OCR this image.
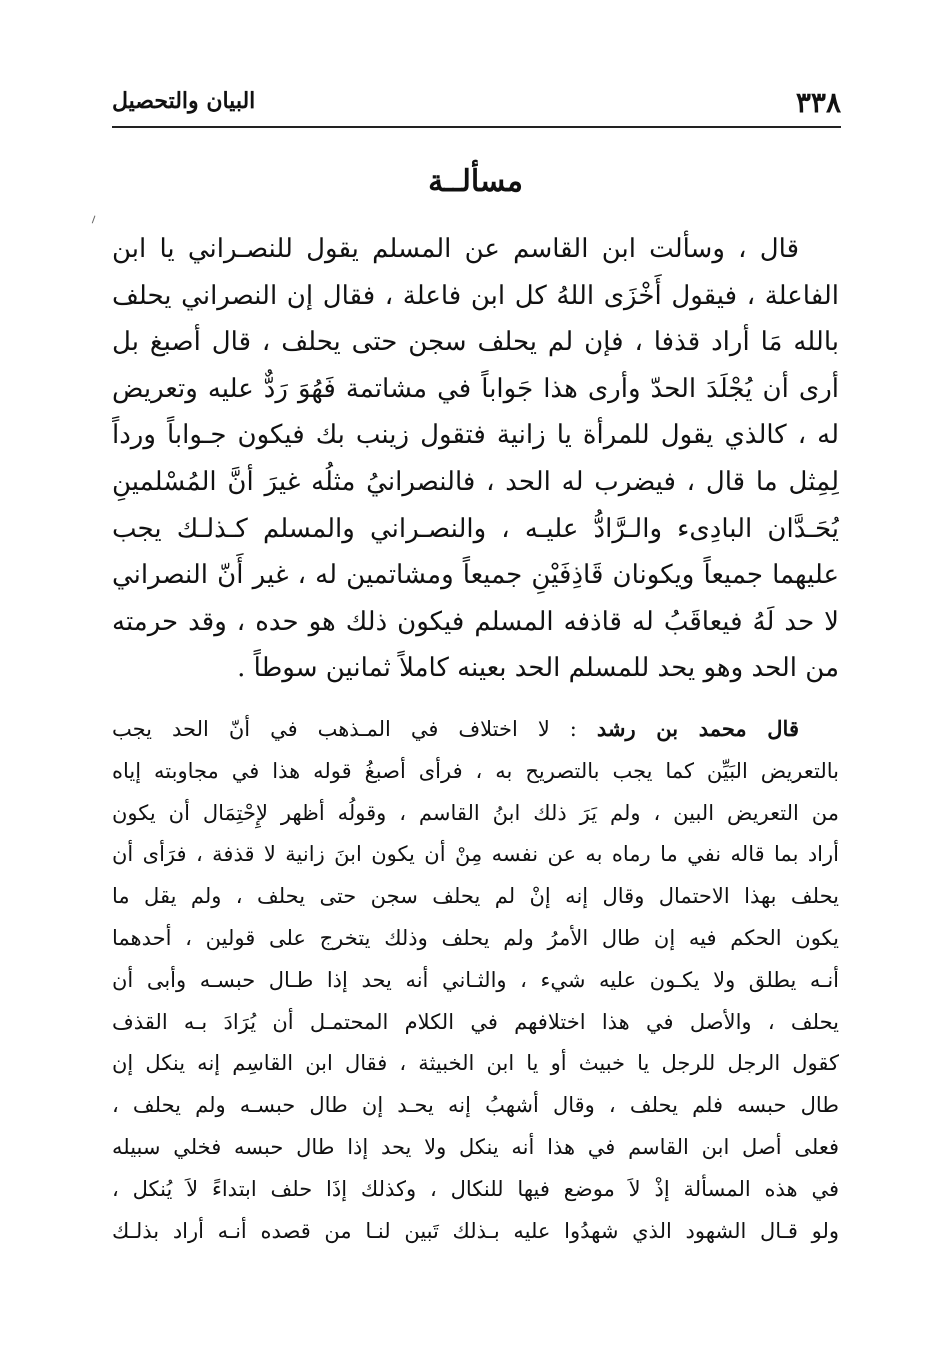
٣٣٨
البيان والتحصيل
مسألــة
قال ، وسألت ابن القاسم عن المسلم يقول للنصـراني يا ابن
الفاعلة ، فيقول أَخْزَى اللهُ كل ابن فاعلة ، فقال إن النصراني يحلف
بالله مَا أراد قذفا ، فإن لم يحلف سجن حتى يحلف ، قال أصبغ بل
أرى أن يُجْلَدَ الحدّ وأرى هذا جَواباً في مشاتمة فَهُوَ رَدٌّ عليه وتعريض
له ، كالذي يقول للمرأة يا زانية فتقول زينب بك فيكون جـواباً ورداً
لِمِثل ما قال ، فيضرب له الحد ، فالنصرانيُ مثلُه غيرَ أنَّ المُسْلمينِ
يُحَـدَّان البادِىء والـرَّادُّ عليـه ، والنصـراني والمسلم كـذلـك يجب
عليهما جميعاً ويكونان قَاذِفَيْنِ جميعاً ومشاتمين له ، غير أَنّ النصراني
لا حد لَهُ فيعاقَبُ له قاذفه المسلم فيكون ذلك هو حده ، وقد حرمته
من الحد وهو يحد للمسلم الحد بعينه كاملاً ثمانين سوطاً .
قال محمد بن رشد : لا اختلاف في المـذهب في أنّ الحد يجب
بالتعريض البَيِّن كما يجب بالتصريح به ، فرأى أصبغُ قوله هذا في مجاوبته إياه
من التعريض البين ، ولم يَرَ ذلك ابنُ القاسم ، وقولُه أظهر لإِحْتِمَال أن يكون
أراد بما قاله نفي ما رماه به عن نفسه مِنْ أن يكون ابنَ زانية لا قذفة ، فرَأى أن
يحلف بهذا الاحتمال وقال إنه إنْ لم يحلف سجن حتى يحلف ، ولم يقل ما
يكون الحكم فيه إن طال الأمرُ ولم يحلف وذلك يتخرج على قولين ، أحدهما
أنـه يطلق ولا يكـون عليه شيء ، والثـاني أنه يحد إذا طـال حبسـه وأبى أن
يحلف ، والأصل في هذا اختلافهم في الكلام المحتمـل أن يُرَادَ بـه القذف
كقول الرجل للرجل يا خبيث أو يا ابن الخبيثة ، فقال ابن القاسِم إنه ينكل إن
طال حبسه فلم يحلف ، وقال أشهبُ إنه يحـد إن طال حبسـه ولم يحلف ،
فعلى أصل ابن القاسم في هذا أنه ينكل ولا يحد إذا طال حبسه فخلي سبيله
في هذه المسألة إذْ لاَ موضع فيها للنكال ، وكذلك إذَا حلف ابتداءً لاَ يُنكل ،
ولو قـال الشهود الذي شهدُوا عليه بـذلك تَبين لنـا من قصده أنـه أراد بذلـك
